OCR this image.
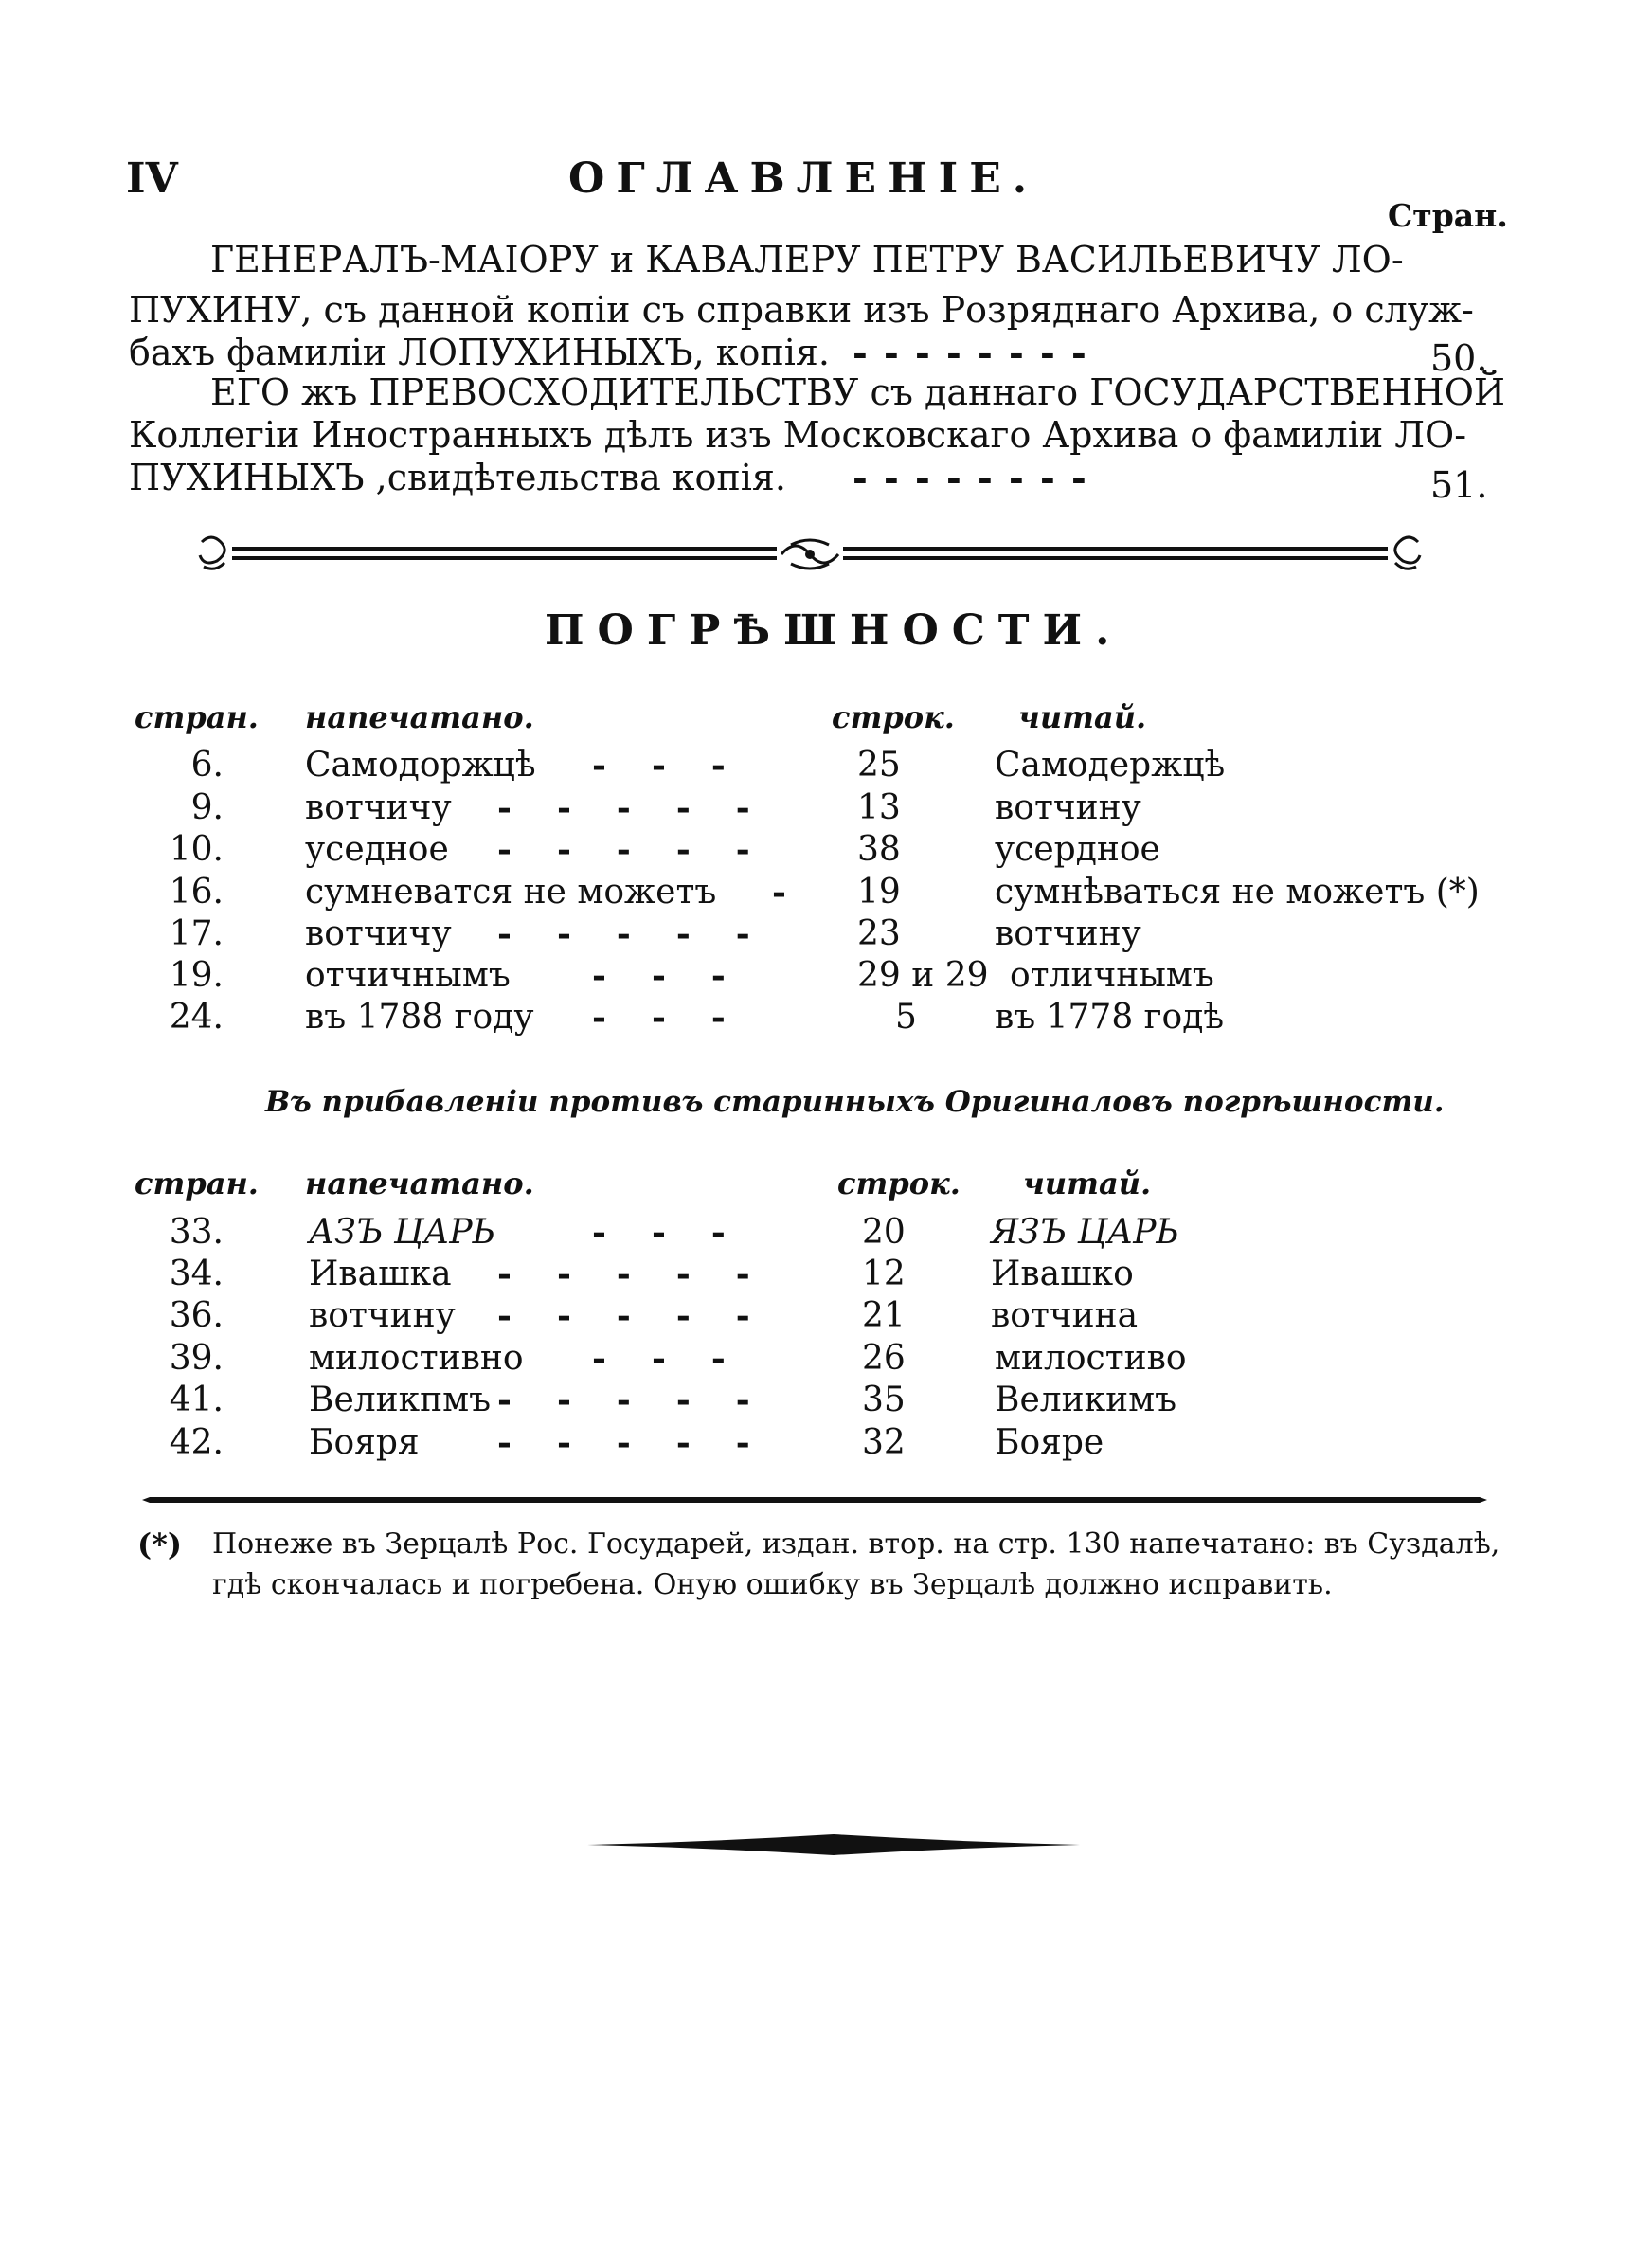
IV	ОГЛАВЛЕНIЕ.
Стран.
ГЕНЕРАЛЪ-МАIОРУ и КАВАЛЕРУ ПЕТРУ ВАСИЛЬЕВИЧУ ЛО-
ПУХИНУ, съ данной копiи съ справки изъ Розряднаго Архива, о служ-
бахъ фамилiи ЛОПУХИНЫХЪ, копiя. - - - - - - - -	50.
ЕГО жъ ПРЕВОСХОДИТЕЛЬСТВУ съ даннаго ГОСУДАРСТВЕННОЙ
Коллегiи Иностранныхъ дѣлъ изъ Московскаго Архива о фамилiи ЛО-
ПУХИНЫХЪ ,свидѣтельства копiя. - - - - - - - -	51.
ПОГРѢШНОСТИ.
стран. напечатано.	строк. читай.
6. Самодоржцѣ ---	25	Самодержцѣ
9. вотчичу ----- 13	вотчину
10. уседное ----- 38	усердное
16. сумневатся не можетъ - 19	сумнѣваться не можетъ (*)
17. вотчичу ----- 23	вотчину
19. отчичнымъ ---	29 и 29 отличнымъ
24. въ 1788 году ---	5 въ 1778 годѣ
Въ прибавленiи противъ старинныхъ Оригиналовъ погрѣшности.
стран. напечатано.	строк. читай.
33.	АЗЪ ЦАРЬ	---	20	ЯЗЪ ЦАРЬ
34.	Ивашка ----- 12	Ивашко
36.	вотчину ----- 21	вотчина
39.	милостивно ---	26	милостиво
41.	Великпмъ ----- 35	Великимъ
42.	Бояря ----- 32	Бояре
(*) Понеже въ Зерцалѣ Рос. Государей, издан. втор. на стр. 130 напечатано: въ Суздалѣ,
гдѣ скончалась и погребена. Оную ошибку въ Зерцалѣ должно исправить.
